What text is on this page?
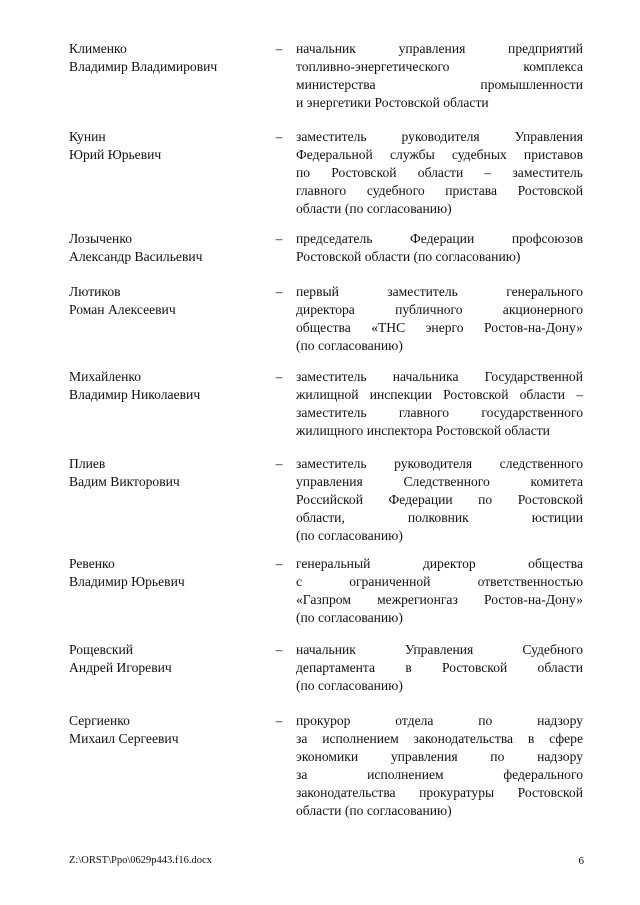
Клименко
Владимир Владимирович
– начальник управления предприятий
топливно-энергетического комплекса
министерства промышленности
и энергетики Ростовской области
Кунин
Юрий Юрьевич
– заместитель руководителя Управления
Федеральной службы судебных приставов
по Ростовской области – заместитель
главного судебного пристава Ростовской
области (по согласованию)
Лозыченко
Александр Васильевич
– председатель Федерации профсоюзов
Ростовской области (по согласованию)
Лютиков
Роман Алексеевич
– первый заместитель генерального
директора публичного акционерного
общества «ТНС энерго Ростов-на-Дону»
(по согласованию)
Михайленко
Владимир Николаевич
– заместитель начальника Государственной
жилищной инспекции Ростовской области –
заместитель главного государственного
жилищного инспектора Ростовской области
Плиев
Вадим Викторович
– заместитель руководителя следственного
управления Следственного комитета
Российской Федерации по Ростовской
области, полковник юстиции
(по согласованию)
Ревенко
Владимир Юрьевич
– генеральный директор общества
с ограниченной ответственностью
«Газпром межрегионгаз Ростов-на-Дону»
(по согласованию)
Рощевский
Андрей Игоревич
– начальник Управления Судебного
департамента в Ростовской области
(по согласованию)
Сергиенко
Михаил Сергеевич
– прокурор отдела по надзору
за исполнением законодательства в сфере
экономики управления по надзору
за исполнением федерального
законодательства прокуратуры Ростовской
области (по согласованию)
Z:\ORST\Ppo\0629p443.f16.docx	6
